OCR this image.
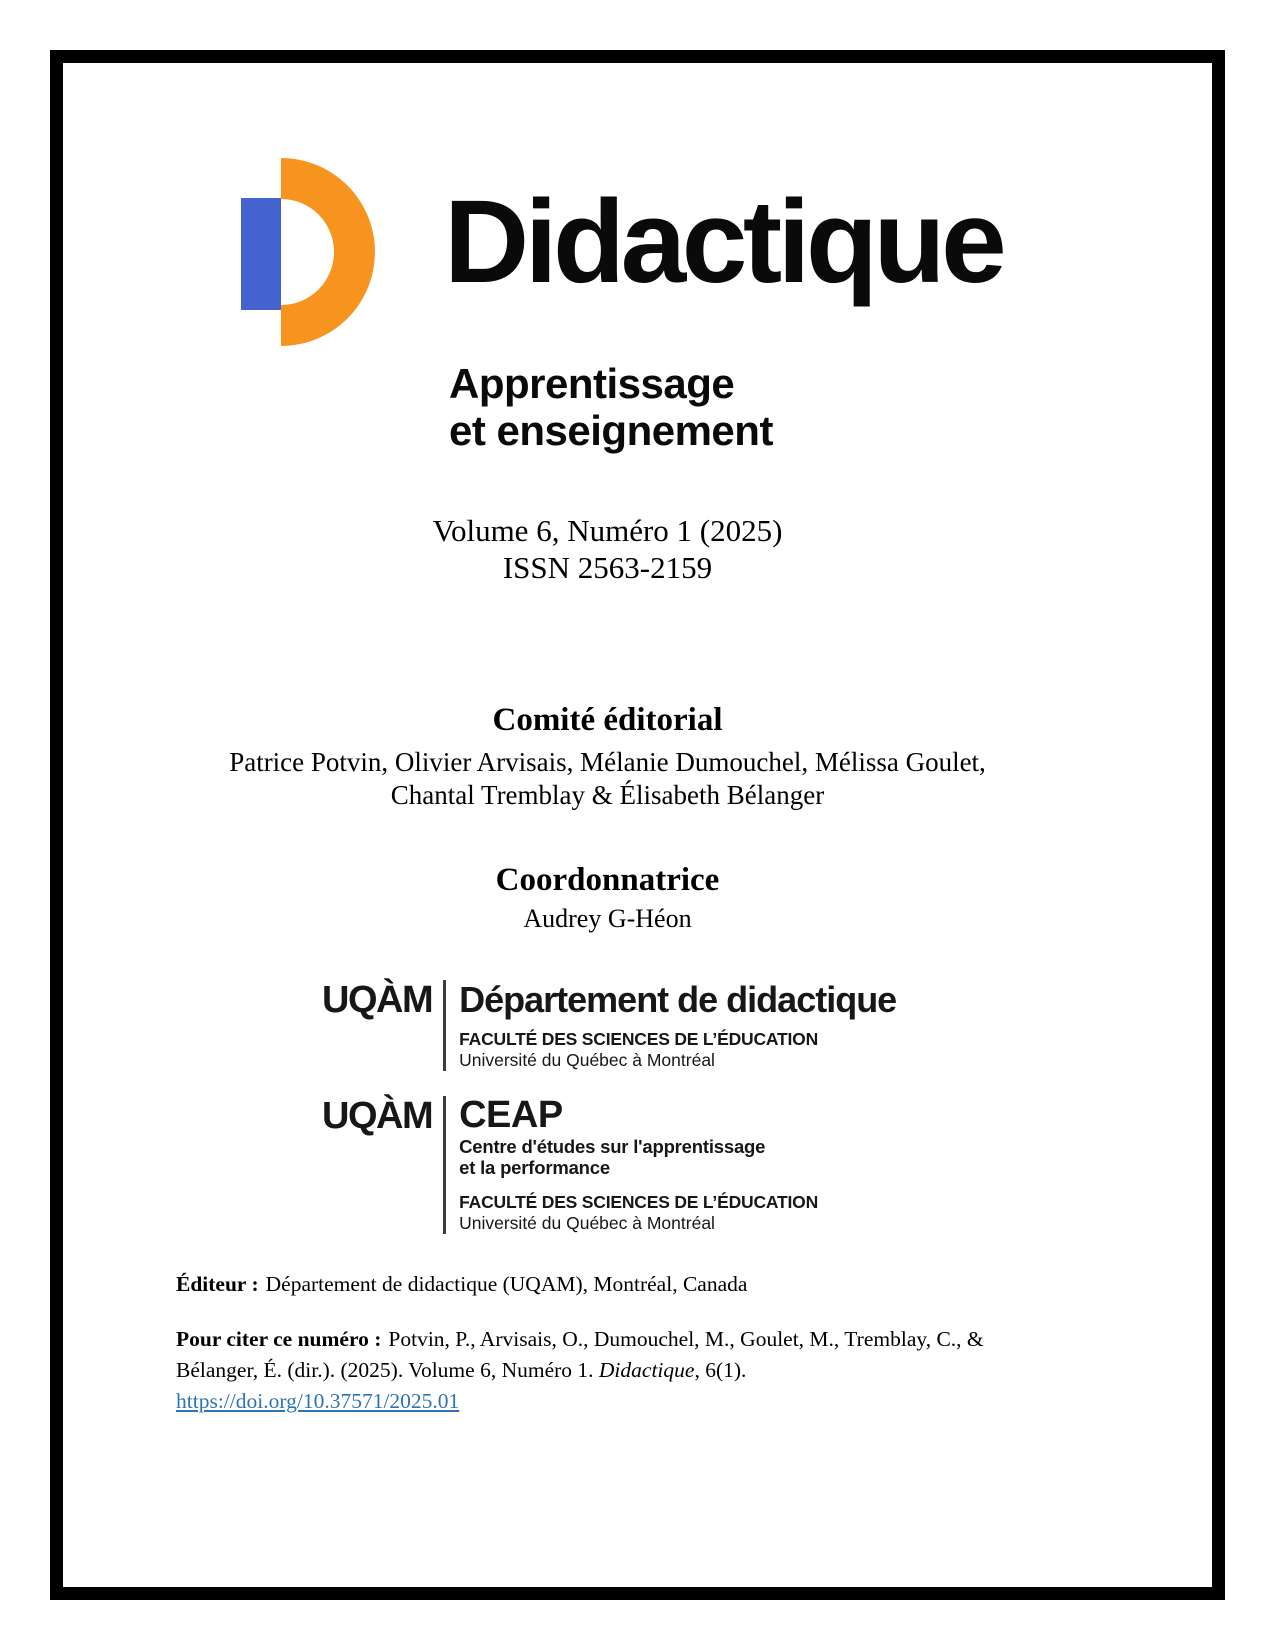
Didactique
Apprentissage
et enseignement
Volume 6, Numéro 1 (2025)
ISSN 2563-2159
Comité éditorial
Patrice Potvin, Olivier Arvisais, Mélanie Dumouchel, Mélissa Goulet,
Chantal Tremblay & Élisabeth Bélanger
Coordonnatrice
Audrey G-Héon
UQÀM Département de didactique
FACULTÉ DES SCIENCES DE L’ÉDUCATION
Université du Québec à Montréal
UQÀM CEAP
Centre d'études sur l'apprentissage
et la performance
FACULTÉ DES SCIENCES DE L’ÉDUCATION
Université du Québec à Montréal
Éditeur : Département de didactique (UQAM), Montréal, Canada
Pour citer ce numéro : Potvin, P., Arvisais, O., Dumouchel, M., Goulet, M., Tremblay, C., &
Bélanger, É. (dir.). (2025). Volume 6, Numéro 1. Didactique, 6(1).
https://doi.org/10.37571/2025.01
